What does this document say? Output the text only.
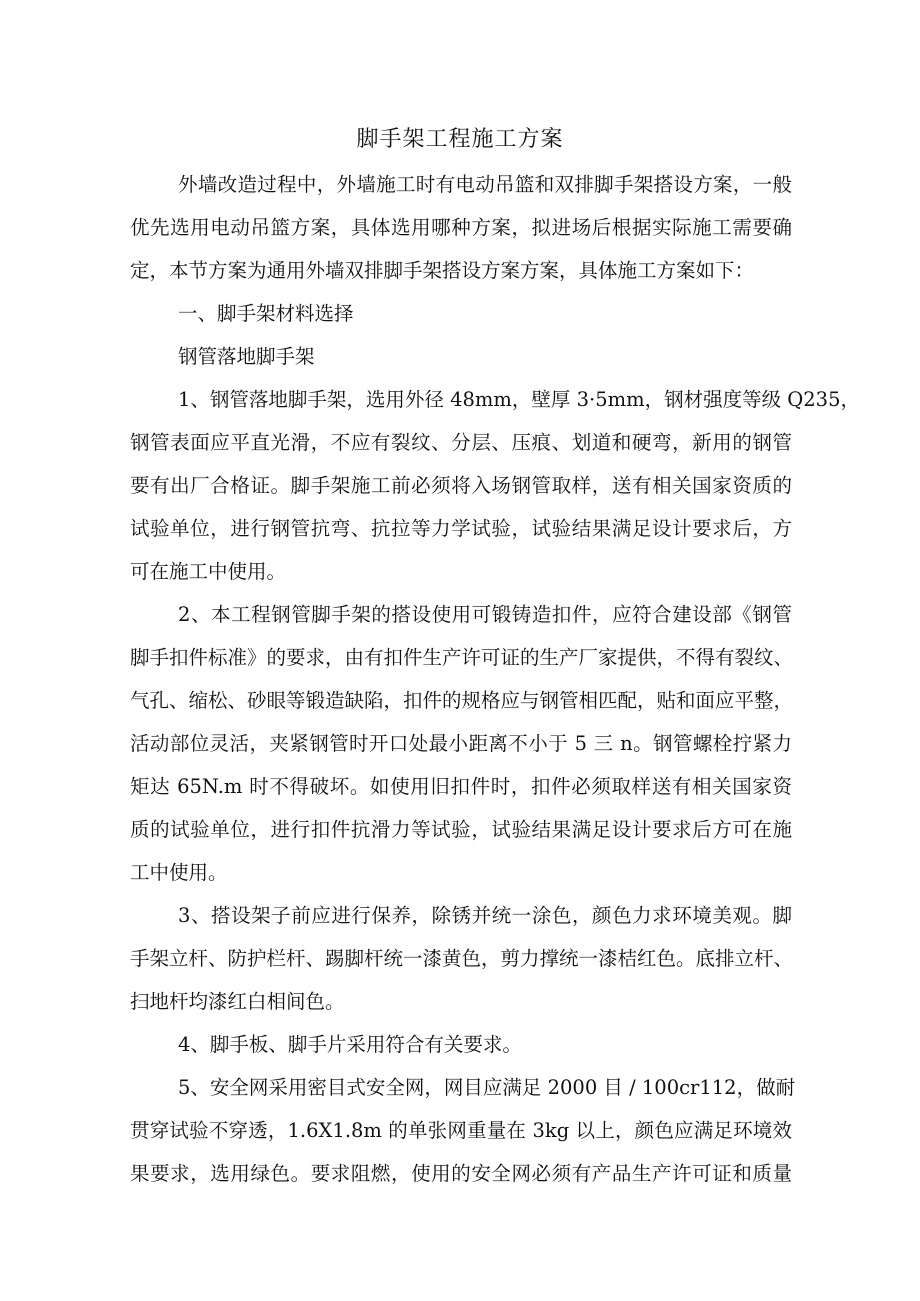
脚手架工程施工方案
外墙改造过程中，外墙施工时有电动吊篮和双排脚手架搭设方案，一般
优先选用电动吊篮方案，具体选用哪种方案，拟进场后根据实际施工需要确
定，本节方案为通用外墙双排脚手架搭设方案方案，具体施工方案如下：
一、脚手架材料选择
钢管落地脚手架
1、钢管落地脚手架，选用外径 48mm，壁厚 3·5mm，钢材强度等级 Q235，
钢管表面应平直光滑，不应有裂纹、分层、压痕、划道和硬弯，新用的钢管
要有出厂合格证。脚手架施工前必须将入场钢管取样，送有相关国家资质的
试验单位，进行钢管抗弯、抗拉等力学试验，试验结果满足设计要求后，方
可在施工中使用。
2、本工程钢管脚手架的搭设使用可锻铸造扣件，应符合建设部《钢管
脚手扣件标准》的要求，由有扣件生产许可证的生产厂家提供，不得有裂纹、
气孔、缩松、砂眼等锻造缺陷，扣件的规格应与钢管相匹配，贴和面应平整，
活动部位灵活，夹紧钢管时开口处最小距离不小于 5 三 n。钢管螺栓拧紧力
矩达 65N.m 时不得破坏。如使用旧扣件时，扣件必须取样送有相关国家资
质的试验单位，进行扣件抗滑力等试验，试验结果满足设计要求后方可在施
工中使用。
3、搭设架子前应进行保养，除锈并统一涂色，颜色力求环境美观。脚
手架立杆、防护栏杆、踢脚杆统一漆黄色，剪力撑统一漆桔红色。底排立杆、
扫地杆均漆红白相间色。
4、脚手板、脚手片采用符合有关要求。
5、安全网采用密目式安全网，网目应满足 2000 目 / 100cr112，做耐
贯穿试验不穿透，1.6X1.8m 的单张网重量在 3kg 以上，颜色应满足环境效
果要求，选用绿色。要求阻燃，使用的安全网必须有产品生产许可证和质量
